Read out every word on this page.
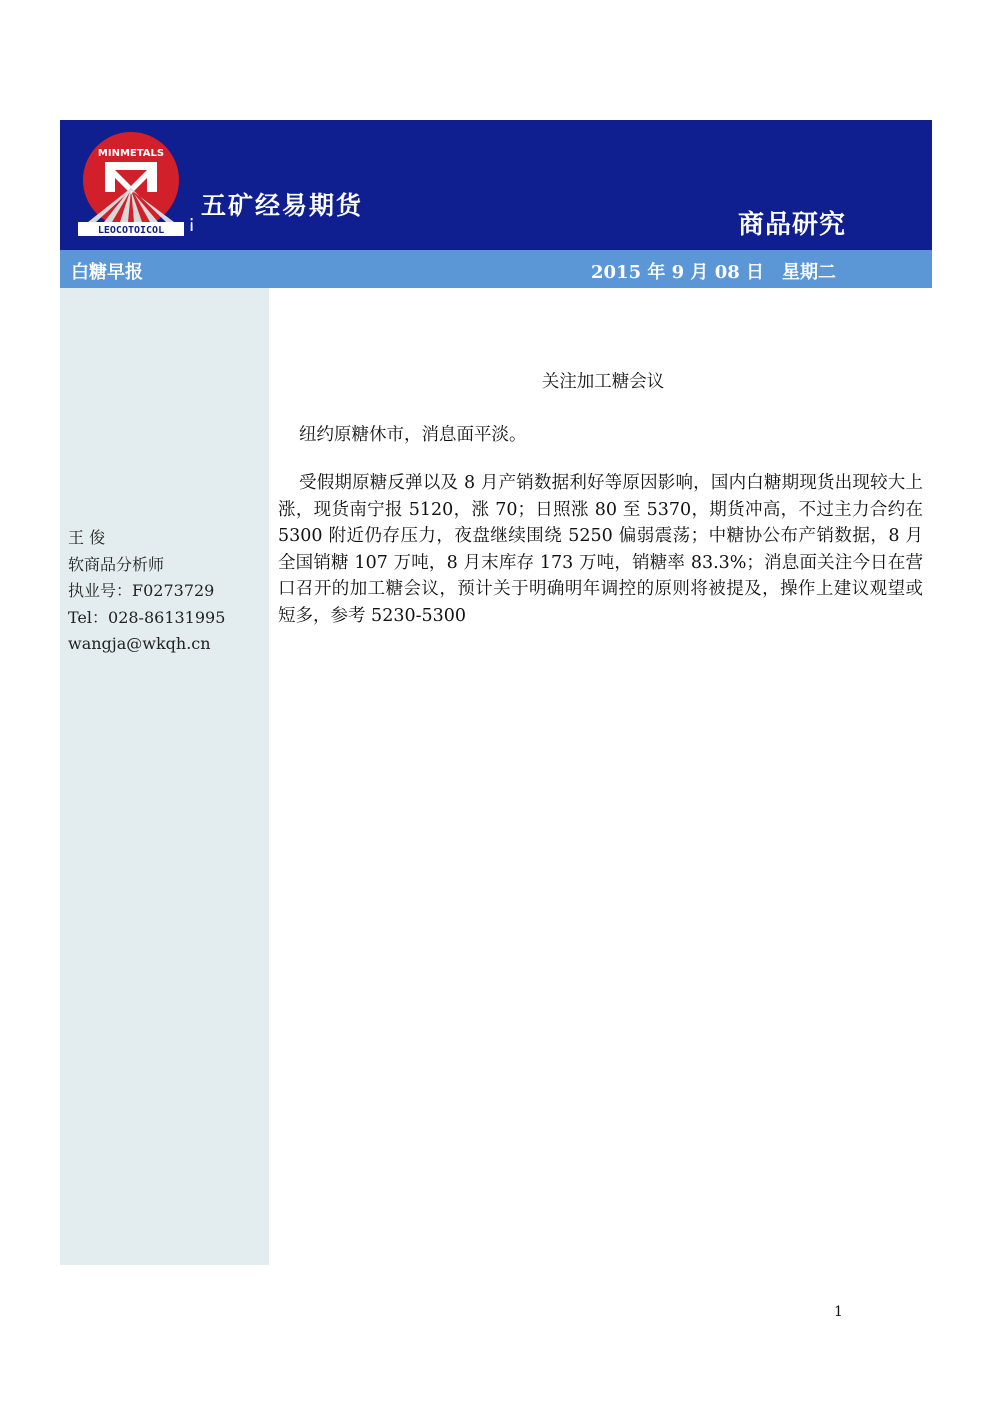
MINMETALS
LEOCOTOICOL ¡
五矿经易期货
商品研究
白糖早报	2015 年 9 月 08 日　星期二
王 俊
软商品分析师
执业号：F0273729
Tel：028-86131995
wangja@wkqh.cn
关注加工糖会议
纽约原糖休市，消息面平淡。
受假期原糖反弹以及 8 月产销数据利好等原因影响，国内白糖期现货出现较大上涨，现货南宁报 5120，涨 70；日照涨 80 至 5370，期货冲高，不过主力合约在 5300 附近仍存压力，夜盘继续围绕 5250 偏弱震荡；中糖协公布产销数据，8 月全国销糖 107 万吨，8 月末库存 173 万吨，销糖率 83.3%；消息面关注今日在营口召开的加工糖会议，预计关于明确明年调控的原则将被提及，操作上建议观望或短多，参考 5230-5300
1
